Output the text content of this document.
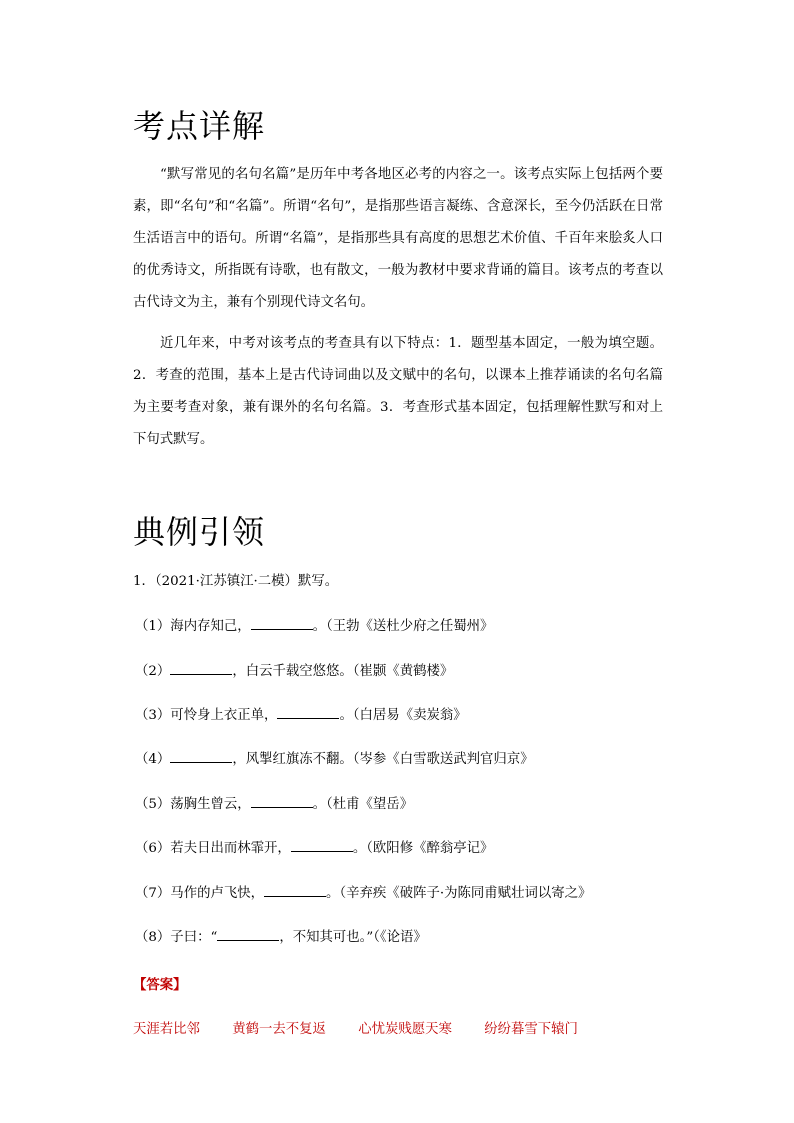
考点详解

“默写常见的名句名篇”是历年中考各地区必考的内容之一。该考点实际上包括两个要素，即“名句”和“名篇”。所谓“名句”，是指那些语言凝练、含意深长，至今仍活跃在日常生活语言中的语句。所谓“名篇”，是指那些具有高度的思想艺术价值、千百年来脍炙人口的优秀诗文，所指既有诗歌，也有散文，一般为教材中要求背诵的篇目。该考点的考查以古代诗文为主，兼有个别现代诗文名句。

近几年来，中考对该考点的考查具有以下特点：1．题型基本固定，一般为填空题。2．考查的范围，基本上是古代诗词曲以及文赋中的名句，以课本上推荐诵读的名句名篇为主要考查对象，兼有课外的名句名篇。3．考查形式基本固定，包括理解性默写和对上下句式默写。

典例引领
1．（2021·江苏镇江·二模）默写。
（1）海内存知己，	。（王勃《送杜少府之任蜀州》
（2）	，白云千载空悠悠。（崔颢《黄鹤楼》
（3）可怜身上衣正单，	。（白居易《卖炭翁》
（4）	，风掣红旗冻不翻。（岑参《白雪歌送武判官归京》
（5）荡胸生曾云，	。（杜甫《望岳》
（6）若夫日出而林霏开，	。（欧阳修《醉翁亭记》
（7）马作的卢飞快，	。（辛弃疾《破阵子·为陈同甫赋壮词以寄之》
（8）子曰：“	，不知其可也。”（《论语》
【答案】
天涯若比邻 黄鹤一去不复返 心忧炭贱愿天寒 纷纷暮雪下辕门
